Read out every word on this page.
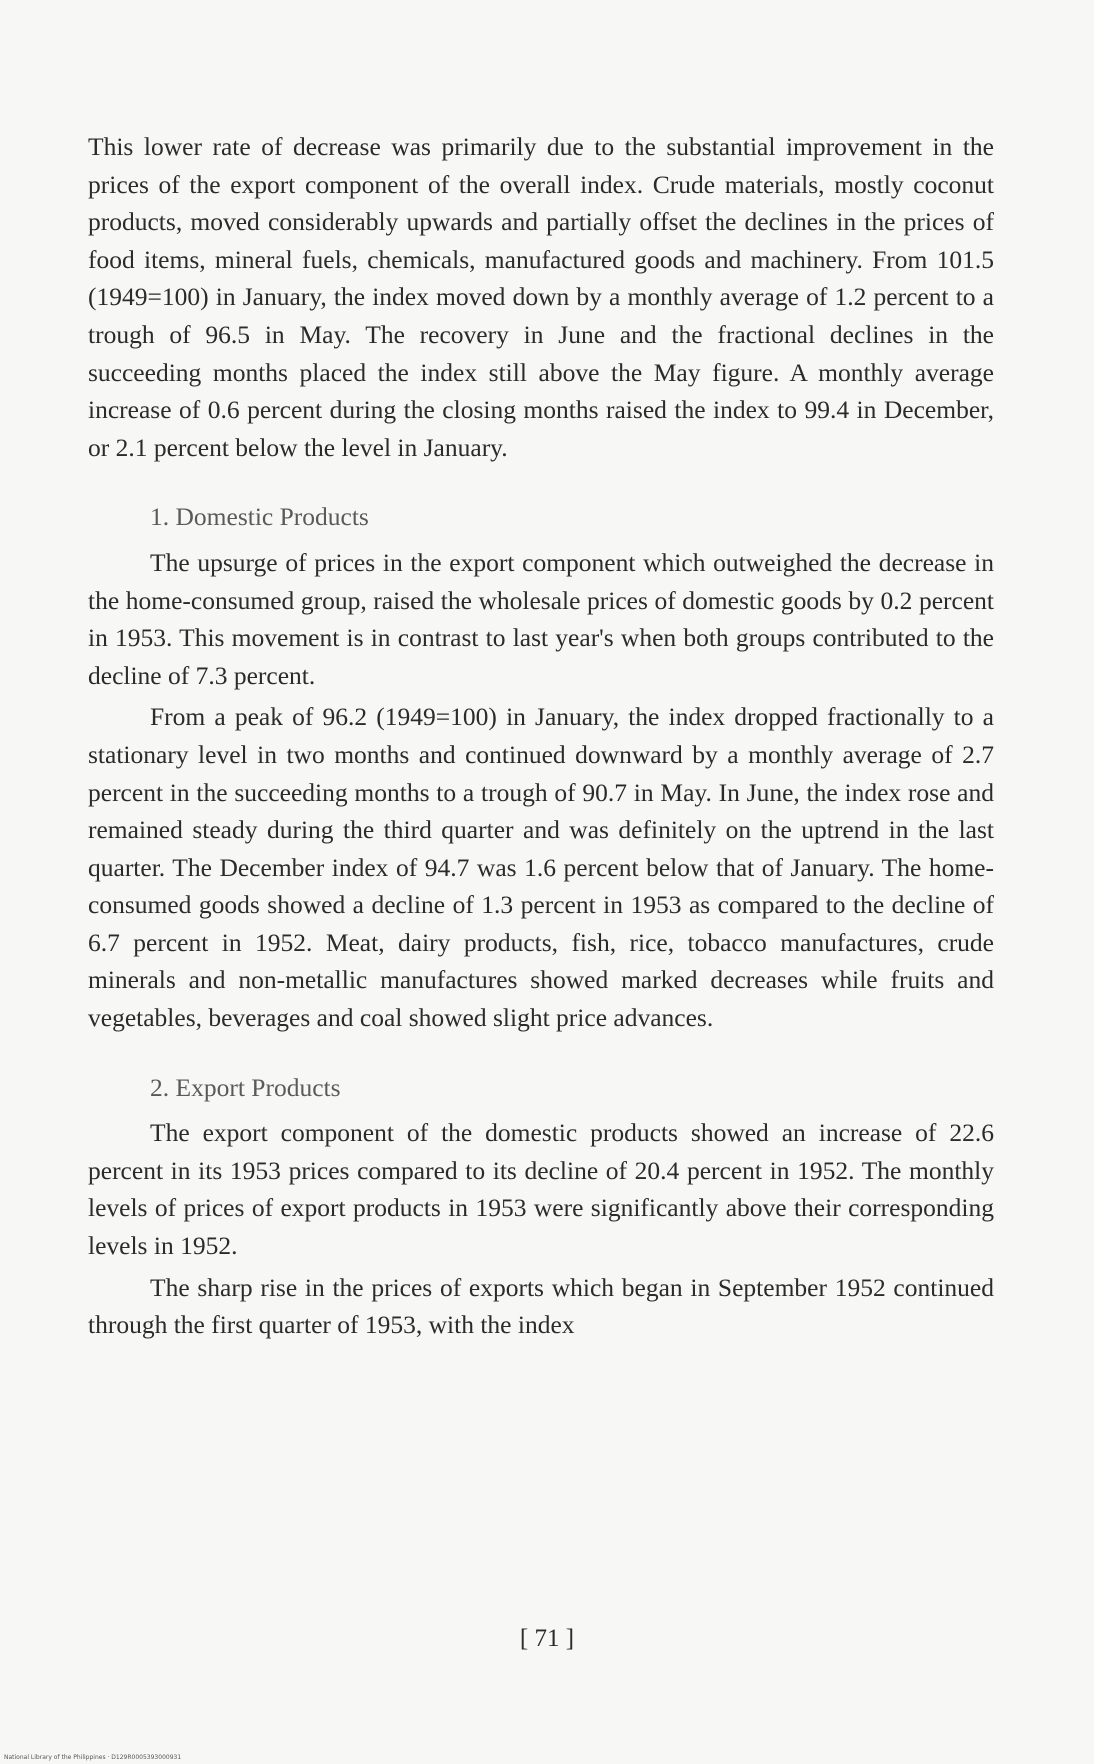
This lower rate of decrease was primarily due to the substantial improvement in the prices of the export component of the overall index. Crude materials, mostly coconut products, moved considerably upwards and partially offset the declines in the prices of food items, mineral fuels, chemicals, manufactured goods and machinery. From 101.5 (1949=100) in January, the index moved down by a monthly average of 1.2 percent to a trough of 96.5 in May. The recovery in June and the fractional declines in the succeeding months placed the index still above the May figure. A monthly average increase of 0.6 percent during the closing months raised the index to 99.4 in December, or 2.1 percent below the level in January.

1. Domestic Products

The upsurge of prices in the export component which outweighed the decrease in the home-consumed group, raised the wholesale prices of domestic goods by 0.2 percent in 1953. This movement is in contrast to last year's when both groups contributed to the decline of 7.3 percent.

From a peak of 96.2 (1949=100) in January, the index dropped fractionally to a stationary level in two months and continued downward by a monthly average of 2.7 percent in the succeeding months to a trough of 90.7 in May. In June, the index rose and remained steady during the third quarter and was definitely on the uptrend in the last quarter. The December index of 94.7 was 1.6 percent below that of January. The home-consumed goods showed a decline of 1.3 percent in 1953 as compared to the decline of 6.7 percent in 1952. Meat, dairy products, fish, rice, tobacco manufactures, crude minerals and non-metallic manufactures showed marked decreases while fruits and vegetables, beverages and coal showed slight price advances.

2. Export Products

The export component of the domestic products showed an increase of 22.6 percent in its 1953 prices compared to its decline of 20.4 percent in 1952. The monthly levels of prices of export products in 1953 were significantly above their corresponding levels in 1952.

The sharp rise in the prices of exports which began in September 1952 continued through the first quarter of 1953, with the index

[ 71 ]
National Library of the Philippines · D129R0005393000931
